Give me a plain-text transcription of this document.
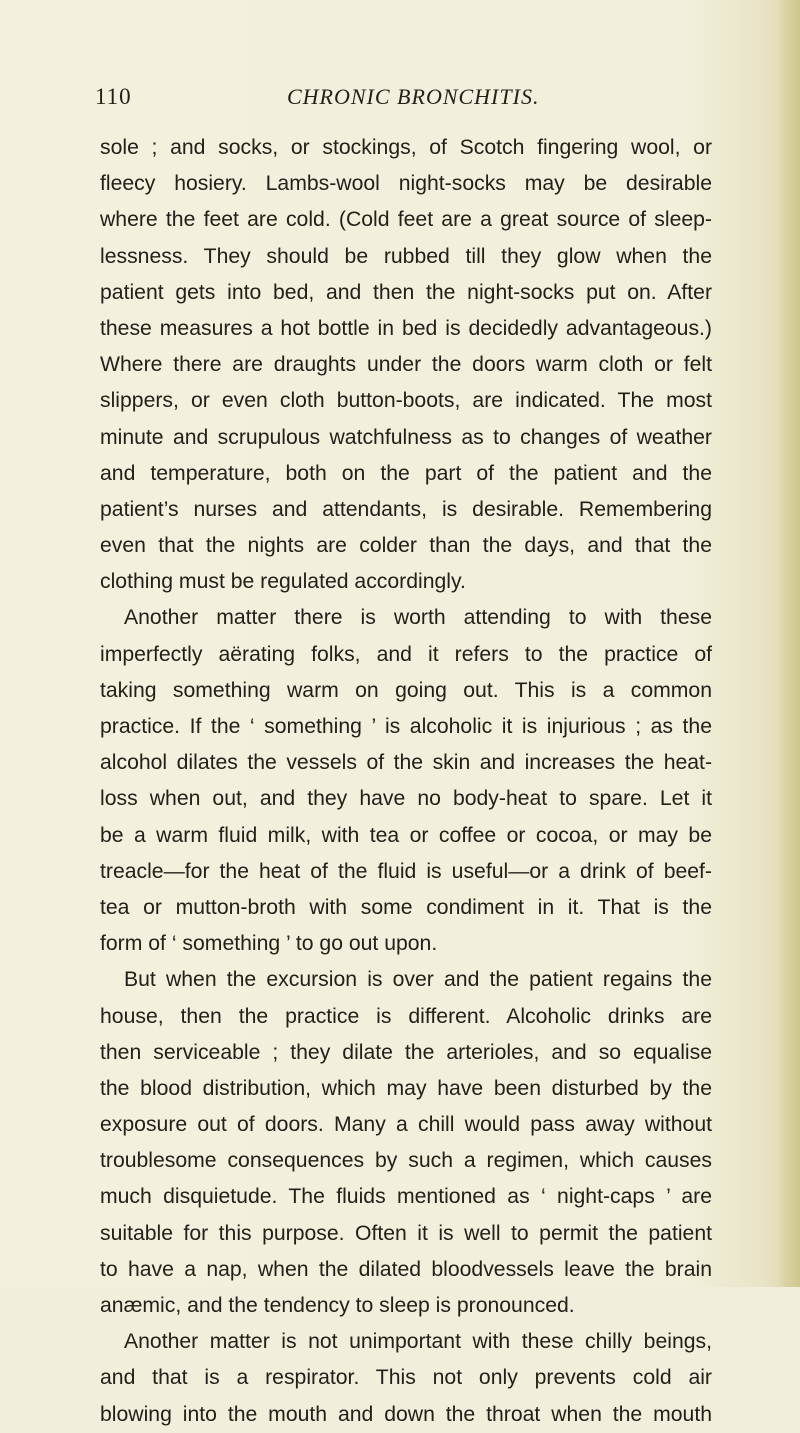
110	CHRONIC BRONCHITIS.
sole ; and socks, or stockings, of Scotch fingering wool, or
fleecy hosiery. Lambs-wool night-socks may be desirable
where the feet are cold. (Cold feet are a great source of sleep-
lessness. They should be rubbed till they glow when the
patient gets into bed, and then the night-socks put on. After
these measures a hot bottle in bed is decidedly advantageous.)
Where there are draughts under the doors warm cloth or felt
slippers, or even cloth button-boots, are indicated. The most
minute and scrupulous watchfulness as to changes of weather
and temperature, both on the part of the patient and the
patient’s nurses and attendants, is desirable. Remembering
even that the nights are colder than the days, and that the
clothing must be regulated accordingly.
Another matter there is worth attending to with these
imperfectly aërating folks, and it refers to the practice of
taking something warm on going out. This is a common
practice. If the ‘ something ’ is alcoholic it is injurious ; as the
alcohol dilates the vessels of the skin and increases the heat-
loss when out, and they have no body-heat to spare. Let it
be a warm fluid milk, with tea or coffee or cocoa, or may be
treacle—for the heat of the fluid is useful—or a drink of beef-
tea or mutton-broth with some condiment in it. That is the
form of ‘ something ’ to go out upon.
But when the excursion is over and the patient regains the
house, then the practice is different. Alcoholic drinks are
then serviceable ; they dilate the arterioles, and so equalise
the blood distribution, which may have been disturbed by the
exposure out of doors. Many a chill would pass away without
troublesome consequences by such a regimen, which causes
much disquietude. The fluids mentioned as ‘ night-caps ’ are
suitable for this purpose. Often it is well to permit the patient
to have a nap, when the dilated bloodvessels leave the brain
anæmic, and the tendency to sleep is pronounced.
Another matter is not unimportant with these chilly beings,
and that is a respirator. This not only prevents cold air
blowing into the mouth and down the throat when the mouth
